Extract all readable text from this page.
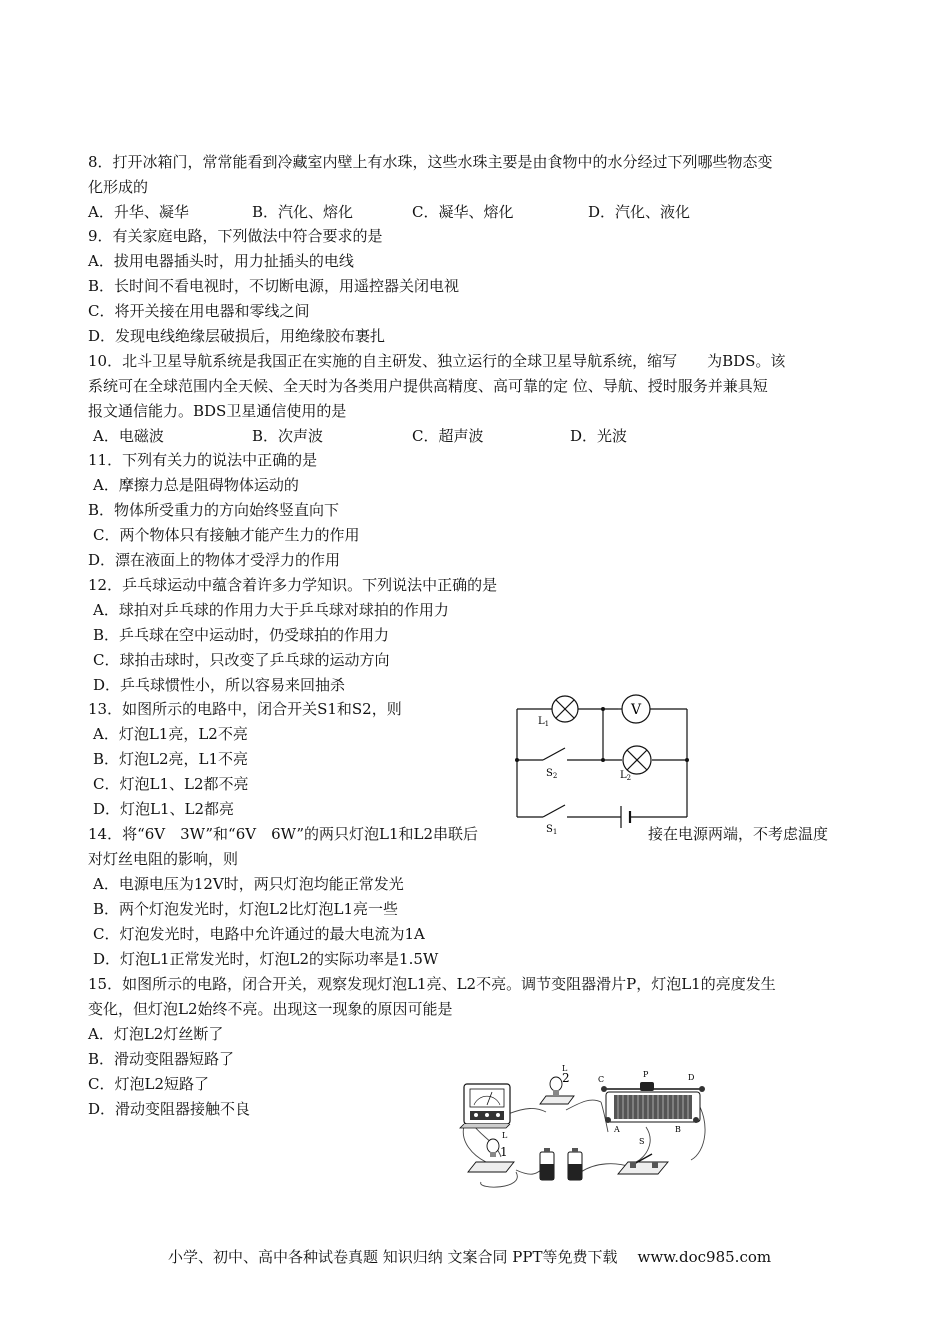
8．打开冰箱门，常常能看到冷藏室内壁上有水珠，这些水珠主要是由食物中的水分经过下列哪些物态变
化形成的
A．升华、凝华	B．汽化、熔化	C．凝华、熔化	D．汽化、液化
9．有关家庭电路，下列做法中符合要求的是
A．拔用电器插头时，用力扯插头的电线
B．长时间不看电视时，不切断电源，用遥控器关闭电视
C．将开关接在用电器和零线之间
D．发现电线绝缘层破损后，用绝缘胶布裹扎
10．北斗卫星导航系统是我国正在实施的自主研发、独立运行的全球卫星导航系统，缩写　　为BDS。该
系统可在全球范围内全天候、全天时为各类用户提供高精度、高可靠的定 位、导航、授时服务并兼具短
报文通信能力。BDS卫星通信使用的是
A．电磁波	B．次声波	C．超声波	D．光波
11．下列有关力的说法中正确的是
A．摩擦力总是阻碍物体运动的
B．物体所受重力的方向始终竖直向下
C．两个物体只有接触才能产生力的作用
D．漂在液面上的物体才受浮力的作用
12．乒乓球运动中蕴含着许多力学知识。下列说法中正确的是
A．球拍对乒乓球的作用力大于乒乓球对球拍的作用力
B．乒乓球在空中运动时，仍受球拍的作用力
C．球拍击球时，只改变了乒乓球的运动方向
D．乒乓球惯性小，所以容易来回抽杀
13．如图所示的电路中，闭合开关S1和S2，则
A．灯泡L1亮，L2不亮
B．灯泡L2亮，L1不亮
C．灯泡L1、L2都不亮
D．灯泡L1、L2都亮
V
$L_1$
$L_2$
$S_2$
$S_1$
14．将“6V　3W”和“6V　6W”的两只灯泡L1和L2串联后	接在电源两端，不考虑温度
对灯丝电阻的影响，则
A．电源电压为12V时，两只灯泡均能正常发光
B．两个灯泡发光时，灯泡L2比灯泡L1亮一些
C．灯泡发光时，电路中允许通过的最大电流为1A
D．灯泡L1正常发光时，灯泡L2的实际功率是1.5W
15．如图所示的电路，闭合开关，观察发现灯泡L1亮、L2不亮。调节变阻器滑片P，灯泡L1的亮度发生
变化，但灯泡L2始终不亮。出现这一现象的原因可能是
A．灯泡L2灯丝断了
B．滑动变阻器短路了
C．灯泡L2短路了
D．滑动变阻器接触不良
L
2	C
P	D
A	B
L
1
S
小学、初中、高中各种试卷真题 知识归纳 文案合同 PPT等免费下载 www.doc985.com
